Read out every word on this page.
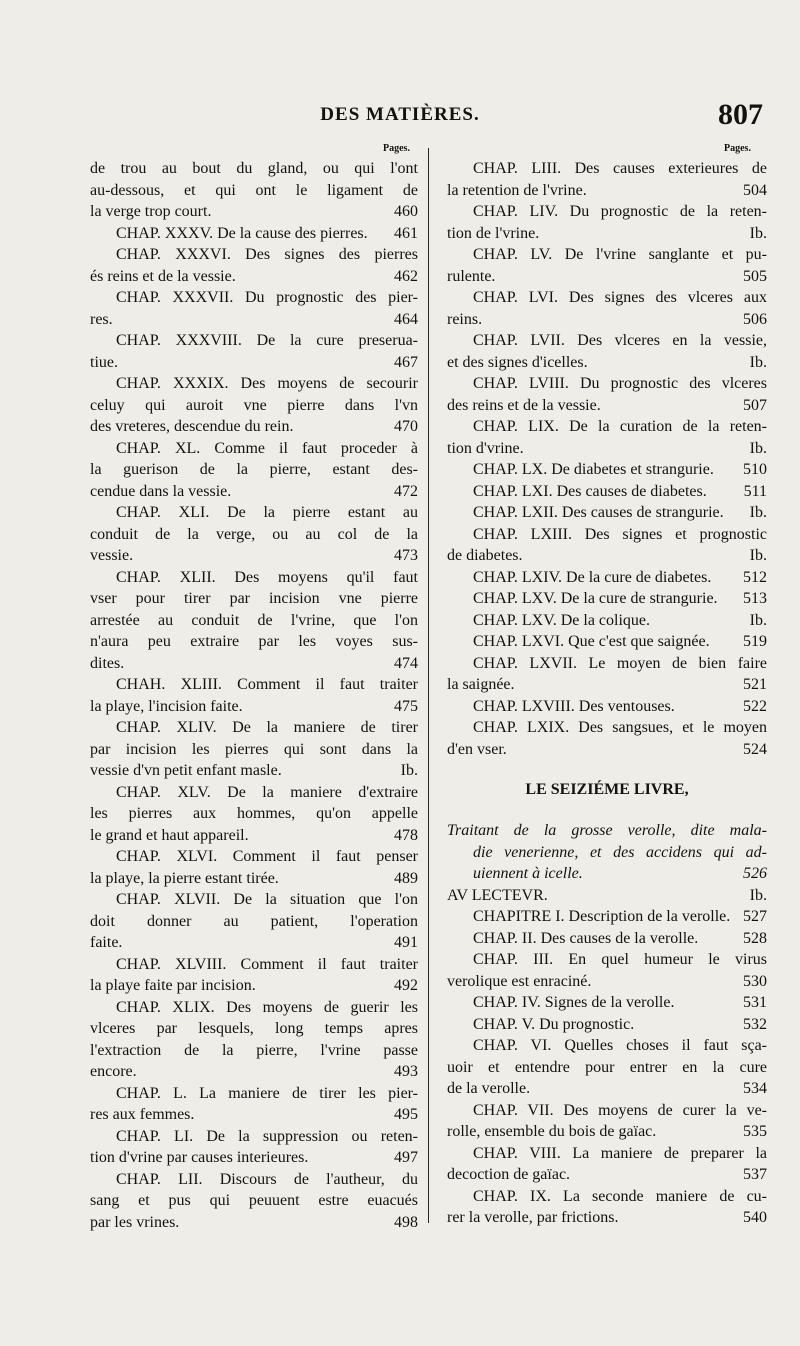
DES MATIÈRES.	807
Pages.	Pages.
de trou au bout du gland, ou qui l'ont
au-dessous, et qui ont le ligament de
la verge trop court.	460
CHAP. XXXV. De la cause des pierres. 461
CHAP. XXXVI. Des signes des pierres
és reins et de la vessie.	462
CHAP. XXXVII. Du prognostic des pier-
res.	464
CHAP. XXXVIII. De la cure preserua-
tiue.	467
CHAP. XXXIX. Des moyens de secourir
celuy qui auroit vne pierre dans l'vn
des vreteres, descendue du rein.	470
CHAP. XL. Comme il faut proceder à
la guerison de la pierre, estant des-
cendue dans la vessie.	472
CHAP. XLI. De la pierre estant au
conduit de la verge, ou au col de la
vessie.	473
CHAP. XLII. Des moyens qu'il faut
vser pour tirer par incision vne pierre
arrestée au conduit de l'vrine, que l'on
n'aura peu extraire par les voyes sus-
dites.	474
CHAH. XLIII. Comment il faut traiter
la playe, l'incision faite.	475
CHAP. XLIV. De la maniere de tirer
par incision les pierres qui sont dans la
vessie d'vn petit enfant masle.	Ib.
CHAP. XLV. De la maniere d'extraire
les pierres aux hommes, qu'on appelle
le grand et haut appareil.	478
CHAP. XLVI. Comment il faut penser
la playe, la pierre estant tirée.	489
CHAP. XLVII. De la situation que l'on
doit donner au patient, l'operation
faite.	491
CHAP. XLVIII. Comment il faut traiter
la playe faite par incision.	492
CHAP. XLIX. Des moyens de guerir les
vlceres par lesquels, long temps apres
l'extraction de la pierre, l'vrine passe
encore.	493
CHAP. L. La maniere de tirer les pier-
res aux femmes.	495
CHAP. LI. De la suppression ou reten-
tion d'vrine par causes interieures.	497
CHAP. LII. Discours de l'autheur, du
sang et pus qui peuuent estre euacués
par les vrines.	498
CHAP. LIII. Des causes exterieures de
la retention de l'vrine.	504
CHAP. LIV. Du prognostic de la reten-
tion de l'vrine.	Ib.
CHAP. LV. De l'vrine sanglante et pu-
rulente.	505
CHAP. LVI. Des signes des vlceres aux
reins.	506
CHAP. LVII. Des vlceres en la vessie,
et des signes d'icelles.	Ib.
CHAP. LVIII. Du prognostic des vlceres
des reins et de la vessie.	507
CHAP. LIX. De la curation de la reten-
tion d'vrine.	Ib.
CHAP. LX. De diabetes et strangurie. 510
CHAP. LXI. Des causes de diabetes. 511
CHAP. LXII. Des causes de strangurie. Ib.
CHAP. LXIII. Des signes et prognostic
de diabetes.	Ib.
CHAP. LXIV. De la cure de diabetes. 512
CHAP. LXV. De la cure de strangurie. 513
CHAP. LXV. De la colique.	Ib.
CHAP. LXVI. Que c'est que saignée. 519
CHAP. LXVII. Le moyen de bien faire
la saignée.	521
CHAP. LXVIII. Des ventouses.	522
CHAP. LXIX. Des sangsues, et le moyen
d'en vser.	524
LE SEIZIÉME LIVRE,
Traitant de la grosse verolle, dite mala-
die venerienne, et des accidens qui ad-
uiennent à icelle.	526
AV LECTEVR.	Ib.
CHAPITRE I. Description de la verolle. 527
CHAP. II. Des causes de la verolle.	528
CHAP. III. En quel humeur le virus
verolique est enraciné.	530
CHAP. IV. Signes de la verolle.	531
CHAP. V. Du prognostic.	532
CHAP. VI. Quelles choses il faut sça-
uoir et entendre pour entrer en la cure
de la verolle.	534
CHAP. VII. Des moyens de curer la ve-
rolle, ensemble du bois de gaïac.	535
CHAP. VIII. La maniere de preparer la
decoction de gaïac.	537
CHAP. IX. La seconde maniere de cu-
rer la verolle, par frictions.	540
